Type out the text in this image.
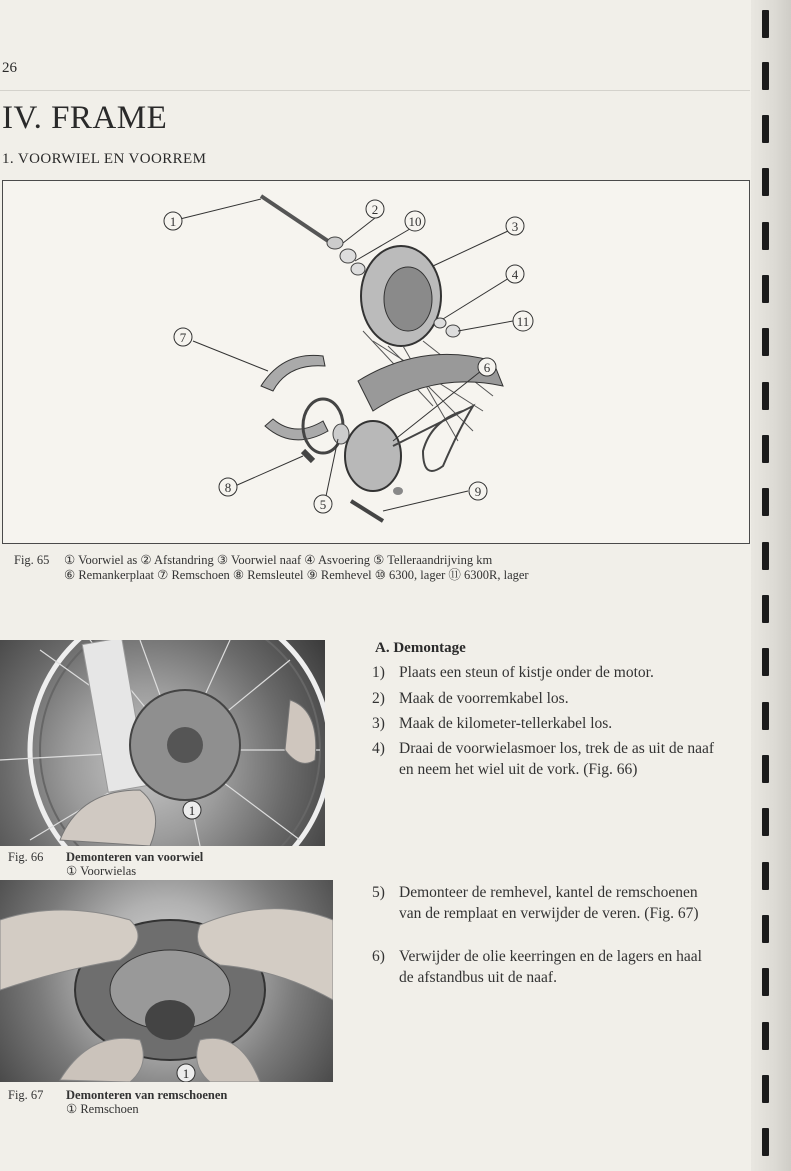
26
IV. FRAME
1. VOORWIEL EN VOORREM
1
2
10	3
4
11
7
6
8
5
9
Fig. 65 ① Voorwiel as ② Afstandring ③ Voorwiel naaf ④ Asvoering ⑤ Telleraandrijving km
⑥ Remankerplaat ⑦ Remschoen ⑧ Remsleutel ⑨ Remhevel ⑩ 6300, lager ⑪ 6300R, lager
1
Fig. 66 Demonteren van voorwiel
① Voorwielas
1
Fig. 67 Demonteren van remschoenen
① Remschoen
A. Demontage
1) Plaats een steun of kistje onder de motor.
2) Maak de voorremkabel los.
3) Maak de kilometer-tellerkabel los.
4) Draai de voorwielasmoer los, trek de as uit de naaf en neem het wiel uit de vork. (Fig. 66)
5) Demonteer de remhevel, kantel de remschoenen van de remplaat en verwijder de veren. (Fig. 67)
6) Verwijder de olie keerringen en de lagers en haal de afstandbus uit de naaf.
